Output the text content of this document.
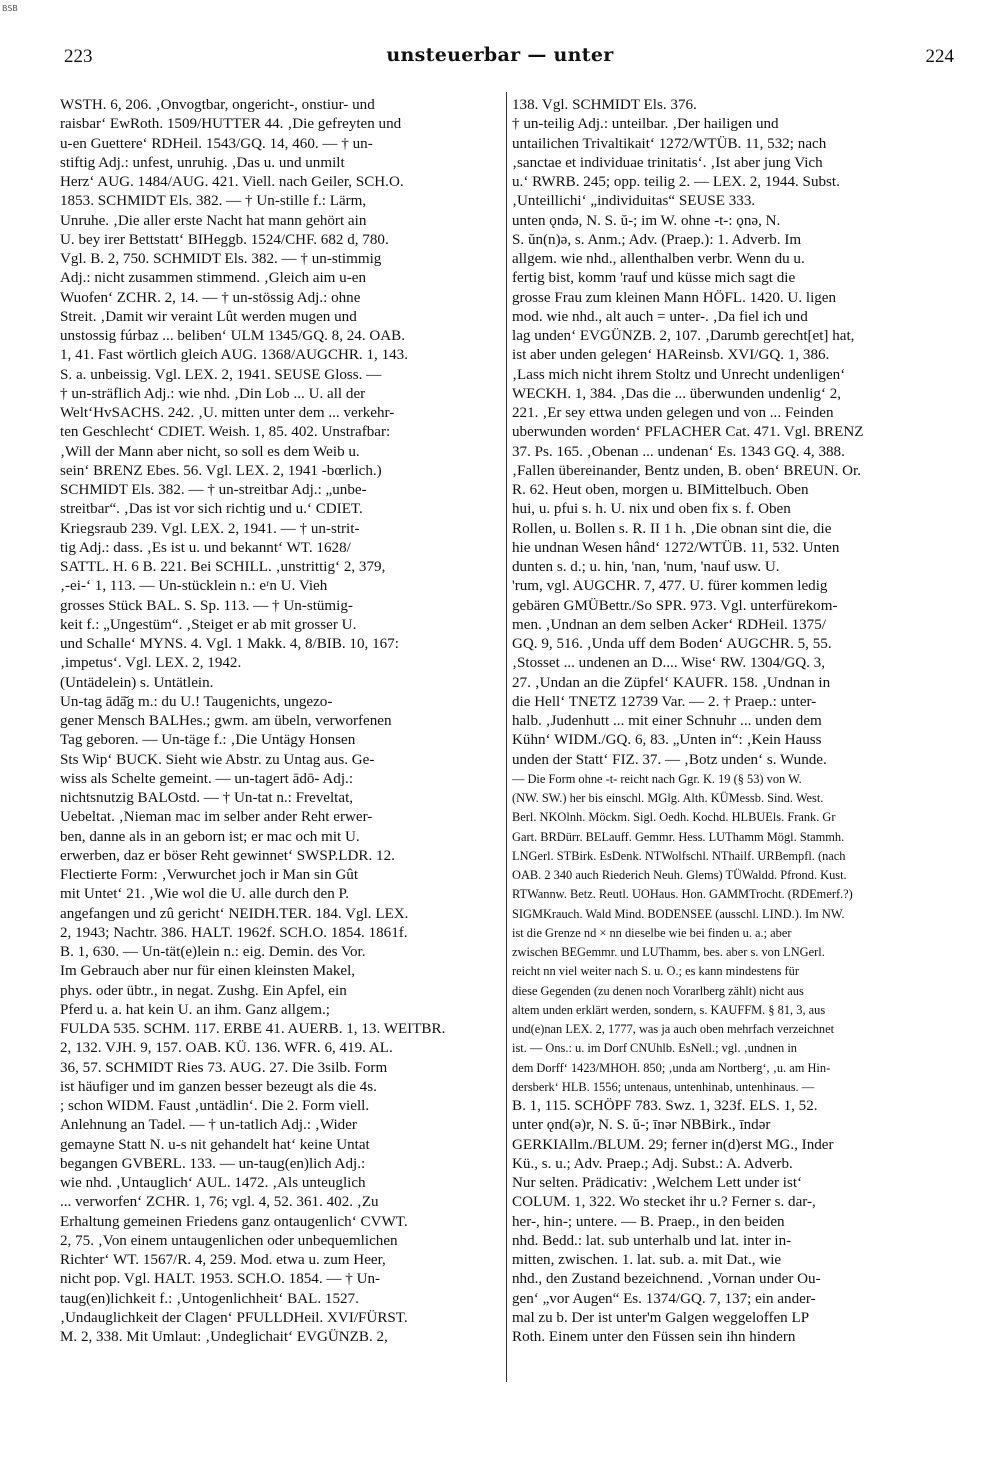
BSB
223	unsteuerbar — unter	224
WSTH. 6, 206. ‚Onvogtbar, ongericht-, onstiur- und
raisbar‘ EwRoth. 1509/HUTTER 44. ‚Die gefreyten und
u-en Guettere‘ RDHeil. 1543/GQ. 14, 460. — † un-
stiftig Adj.: unfest, unruhig. ‚Das u. und unmilt
Herz‘ AUG. 1484/AUG. 421. Viell. nach Geiler, SCH.O.
1853. SCHMIDT Els. 382. — † Un-stille f.: Lärm,
Unruhe. ‚Die aller erste Nacht hat mann gehört ain
U. bey irer Bettstatt‘ BIHeggb. 1524/CHF. 682 d, 780.
Vgl. B. 2, 750. SCHMIDT Els. 382. — † un-stimmig
Adj.: nicht zusammen stimmend. ‚Gleich aim u-en
Wuofen‘ ZCHR. 2, 14. — † un-stössig Adj.: ohne
Streit. ‚Damit wir veraint Lût werden mugen und
unstossig fúrbaz ... beliben‘ ULM 1345/GQ. 8, 24. OAB.
1, 41. Fast wörtlich gleich AUG. 1368/AUGCHR. 1, 143.
S. a. unbeissig. Vgl. LEX. 2, 1941. SEUSE Gloss. —
† un-sträflich Adj.: wie nhd. ‚Din Lob ... U. all der
Welt‘HvSACHS. 242. ‚U. mitten unter dem ... verkehr-
ten Geschlecht‘ CDIET. Weish. 1, 85. 402. Unstrafbar:
‚Will der Mann aber nicht, so soll es dem Weib u.
sein‘ BRENZ Ebes. 56. Vgl. LEX. 2, 1941 -bœrlich.)
SCHMIDT Els. 382. — † un-streitbar Adj.: „unbe-
streitbar“. ‚Das ist vor sich richtig und u.‘ CDIET.
Kriegsraub 239. Vgl. LEX. 2, 1941. — † un-strit-
tig Adj.: dass. ‚Es ist u. und bekannt‘ WT. 1628/
SATTL. H. 6 B. 221. Bei SCHILL. ‚unstrittig‘ 2, 379,
‚-ei-‘ 1, 113. — Un-stücklein n.: eʳn U. Vieh
grosses Stück BAL. S. Sp. 113. — † Un-stümig-
keit f.: „Ungestüm“. ‚Steiget er ab mit grosser U.
und Schalle‘ MYNS. 4. Vgl. 1 Makk. 4, 8/BIB. 10, 167:
‚impetus‘. Vgl. LEX. 2, 1942.
(Untädelein) s. Untätlein.
Un-tag ādā̆g m.: du U.! Taugenichts, ungezo-
gener Mensch BALHes.; gwm. am übeln, verworfenen
Tag geboren. — Un-täge f.: ‚Die Untägy Honsen
Sts Wip‘ BUCK. Sieht wie Abstr. zu Untag aus. Ge-
wiss als Schelte gemeint. — un-tagert ādō- Adj.:
nichtsnutzig BALOstd. — † Un-tat n.: Freveltat,
Uebeltat. ‚Nieman mac im selber ander Reht erwer-
ben, danne als in an geborn ist; er mac och mit U.
erwerben, daz er böser Reht gewinnet‘ SWSP.LDR. 12.
Flectierte Form: ‚Verwurchet joch ir Man sin Gût
mit Untet‘ 21. ‚Wie wol die U. alle durch den P.
angefangen und zû gericht‘ NEIDH.TER. 184. Vgl. LEX.
2, 1943; Nachtr. 386. HALT. 1962f. SCH.O. 1854. 1861f.
B. 1, 630. — Un-tät(e)lein n.: eig. Demin. des Vor.
Im Gebrauch aber nur für einen kleinsten Makel,
phys. oder übtr., in negat. Zushg. Ein Apfel, ein
Pferd u. a. hat kein U. an ihm. Ganz allgem.;
FULDA 535. SCHM. 117. ERBE 41. AUERB. 1, 13. WEITBR.
2, 132. VJH. 9, 157. OAB. KÜ. 136. WFR. 6, 419. AL.
36, 57. SCHMIDT Ries 73. AUG. 27. Die 3silb. Form
ist häufiger und im ganzen besser bezeugt als die 4s.
; schon WIDM. Faust ‚untädlin‘. Die 2. Form viell.
Anlehnung an Tadel. — † un-tatlich Adj.: ‚Wider
gemayne Statt N. u-s nit gehandelt hat‘ keine Untat
begangen GVBERL. 133. — un-taug(en)lich Adj.:
wie nhd. ‚Untauglich‘ AUL. 1472. ‚Als unteuglich
... verworfen‘ ZCHR. 1, 76; vgl. 4, 52. 361. 402. ‚Zu
Erhaltung gemeinen Friedens ganz ontaugenlich‘ CVWT.
2, 75. ‚Von einem untaugenlichen oder unbequemlichen
Richter‘ WT. 1567/R. 4, 259. Mod. etwa u. zum Heer,
nicht pop. Vgl. HALT. 1953. SCH.O. 1854. — † Un-
taug(en)lichkeit f.: ‚Untogenlichheit‘ BAL. 1527.
‚Undauglichkeit der Clagen‘ PFULLDHeil. XVI/FÜRST.
M. 2, 338. Mit Umlaut: ‚Undeglichait‘ EVGÜNZB. 2,
138. Vgl. SCHMIDT Els. 376.
† un-teilig Adj.: unteilbar. ‚Der hailigen und
untailichen Trivaltikait‘ 1272/WTÜB. 11, 532; nach
‚sanctae et individuae trinitatis‘. ‚Ist aber jung Vich
u.‘ RWRB. 245; opp. teilig 2. — LEX. 2, 1944. Subst.
‚Unteillichi‘ „individuitas“ SEUSE 333.
unten ǫndə, N. S. ŭ-; im W. ohne -t-: ǫnə, N.
S. ŭn(n)ə, s. Anm.; Adv. (Praep.): 1. Adverb. Im
allgem. wie nhd., allenthalben verbr. Wenn du u.
fertig bist, komm 'rauf und küsse mich sagt die
grosse Frau zum kleinen Mann HÖFL. 1420. U. ligen
mod. wie nhd., alt auch = unter-. ‚Da fiel ich und
lag unden‘ EVGÜNZB. 2, 107. ‚Darumb gerecht[et] hat,
ist aber unden gelegen‘ HAReinsb. XVI/GQ. 1, 386.
‚Lass mich nicht ihrem Stoltz und Unrecht undenligen‘
WECKH. 1, 384. ‚Das die ... überwunden undenlig‘ 2,
221. ‚Er sey ettwa unden gelegen und von ... Feinden
uberwunden worden‘ PFLACHER Cat. 471. Vgl. BRENZ
37. Ps. 165. ‚Obenan ... undenan‘ Es. 1343 GQ. 4, 388.
‚Fallen übereinander, Bentz unden, B. oben‘ BREUN. Or.
R. 62. Heut oben, morgen u. BIMittelbuch. Oben
hui, u. pfui s. h. U. nix und oben fix s. f. Oben
Rollen, u. Bollen s. R. II 1 h. ‚Die obnan sint die, die
hie undnan Wesen hând‘ 1272/WTÜB. 11, 532. Unten
dunten s. d.; u. hin, 'nan, 'num, 'nauf usw. U.
'rum, vgl. AUGCHR. 7, 477. U. fürer kommen ledig
gebären GMÜBettr./So SPR. 973. Vgl. unterfürekom-
men. ‚Undnan an dem selben Acker‘ RDHeil. 1375/
GQ. 9, 516. ‚Unda uff dem Boden‘ AUGCHR. 5, 55.
‚Stosset ... undenen an D.... Wise‘ RW. 1304/GQ. 3,
27. ‚Undan an die Züpfel‘ KAUFR. 158. ‚Undnan in
die Hell‘ TNETZ 12739 Var. — 2. † Praep.: unter-
halb. ‚Judenhutt ... mit einer Schnuhr ... unden dem
Kühn‘ WIDM./GQ. 6, 83. „Unten in“: ‚Kein Hauss
unden der Statt‘ FIZ. 37. — ‚Botz unden‘ s. Wunde.
— Die Form ohne -t- reicht nach Ggr. K. 19 (§ 53) von W.
(NW. SW.) her bis einschl. MGlg. Alth. KÜMessb. Sind. West.
Berl. NKOlnh. Möckm. Sigl. Oedh. Kochd. HLBUEls. Frank. Gr
Gart. BRDürr. BELauff. Gemmr. Hess. LUThamm Mögl. Stammh.
LNGerl. STBirk. EsDenk. NTWolfschl. NThailf. URBempfl. (nach
OAB. 2 340 auch Riederich Neuh. Glems) TÜWaldd. Pfrond. Kust.
RTWannw. Betz. Reutl. UOHaus. Hon. GAMMTrocht. (RDEmerf.?)
SIGMKrauch. Wald Mind. BODENSEE (ausschl. LIND.). Im NW.
ist die Grenze nd × nn dieselbe wie bei finden u. a.; aber
zwischen BEGemmr. und LUThamm, bes. aber s. von LNGerl.
reicht nn viel weiter nach S. u. O.; es kann mindestens für
diese Gegenden (zu denen noch Vorarlberg zählt) nicht aus
altem unden erklärt werden, sondern, s. KAUFFM. § 81, 3, aus
und(e)nan LEX. 2, 1777, was ja auch oben mehrfach verzeichnet
ist. — Ons.: u. im Dorf CNUhlb. EsNell.; vgl. ‚undnen in
dem Dorff‘ 1423/MHOH. 850; ‚unda am Nortberg‘, ‚u. am Hin-
dersberk‘ HLB. 1556; untenaus, untenhinab, untenhinaus. —
B. 1, 115. SCHÖPF 783. Swz. 1, 323f. ELS. 1, 52.
unter ǫnd(ə)r, N. S. ŭ-; īnər NBBirk., īndər
GERKIAllm./BLUM. 29; ferner in(d)erst MG., Inder
Kü., s. u.; Adv. Praep.; Adj. Subst.: A. Adverb.
Nur selten. Prädicativ: ‚Welchem Lett under ist‘
COLUM. 1, 322. Wo stecket ihr u.? Ferner s. dar-,
her-, hin-; untere. — B. Praep., in den beiden
nhd. Bedd.: lat. sub unterhalb und lat. inter in-
mitten, zwischen. 1. lat. sub. a. mit Dat., wie
nhd., den Zustand bezeichnend. ‚Vornan under Ou-
gen‘ „vor Augen“ Es. 1374/GQ. 7, 137; ein ander-
mal zu b. Der ist unter'm Galgen weggeloffen LP
Roth. Einem unter den Füssen sein ihn hindern
